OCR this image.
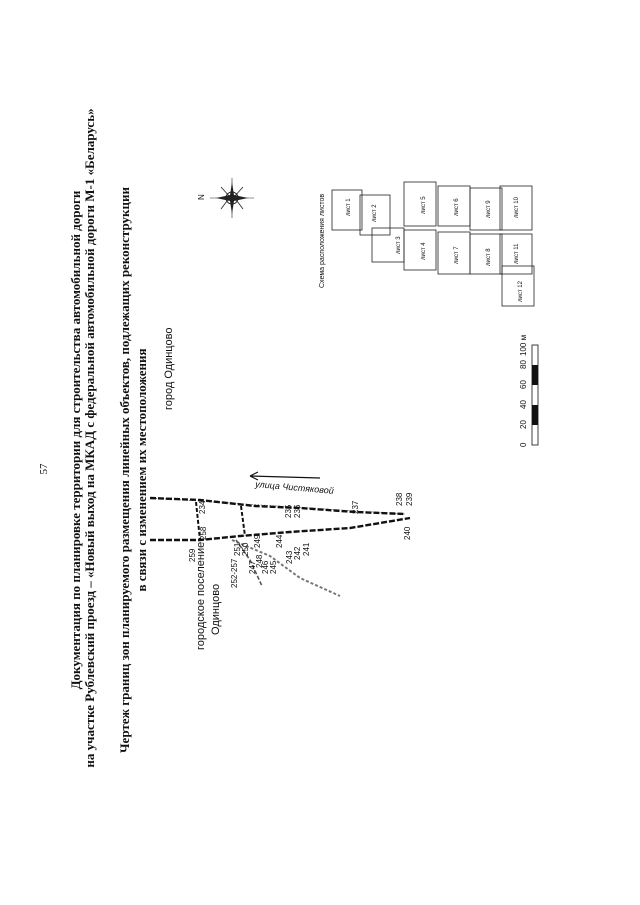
57 Документация по планировке территории для строительства автомобильной дороги на участке Рублевский проезд – «Новый выход на МКАД с федеральной автомобильной дороги М-1 «Беларусь» Чертеж границ зон планируемого размещения линейных объектов, подлежащих реконструкции в связи с изменением их местоположения
N
улица Чистяковой
город Одинцово
городское поселение Одинцово
259
258
234
252-257
251 250
249
248
247 246 245
244
243 242 241
235 236	237
238 239
240
Схема расположения листов	лист 1	лист 2
лист 3	лист 4
лист 5	лист 6
лист 7	лист 8
лист 9	лист 10
лист 11
лист 12
0
20
40
60
80
100 м
